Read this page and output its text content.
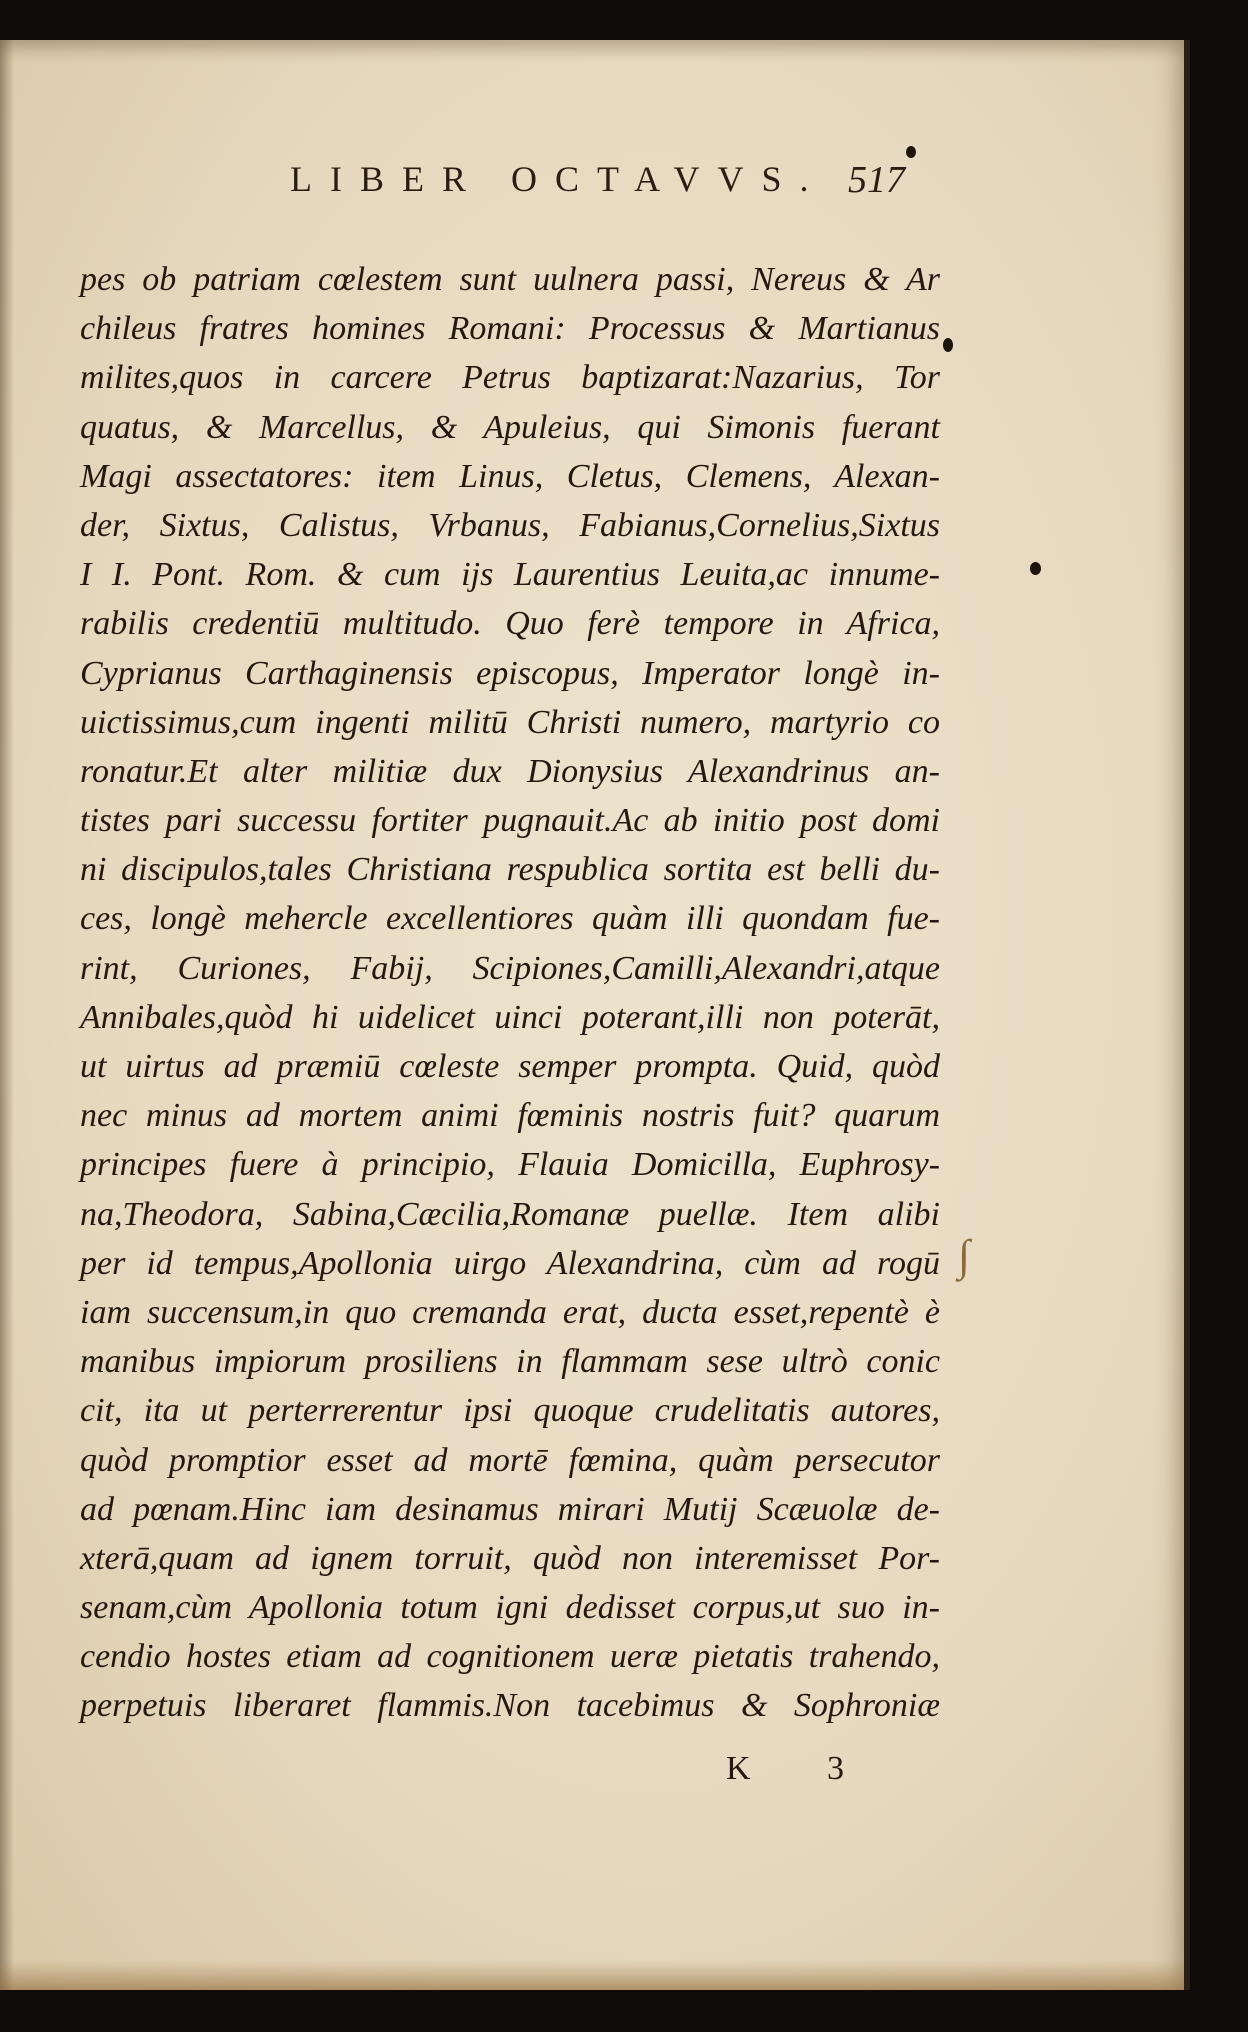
LIBER OCTAVVS. 517
pes ob patriam cœlestem sunt uulnera passi, Nereus & Ar
chileus fratres homines Romani: Processus & Martianus
milites,quos in carcere Petrus baptizarat:Nazarius, Tor
quatus, & Marcellus, & Apuleius, qui Simonis fuerant
Magi assectatores: item Linus, Cletus, Clemens, Alexan-
der, Sixtus, Calistus, Vrbanus, Fabianus,Cornelius,Sixtus
I I. Pont. Rom. & cum ijs Laurentius Leuita,ac innume-
rabilis credentiū multitudo. Quo ferè tempore in Africa,
Cyprianus Carthaginensis episcopus, Imperator longè in-
uictissimus,cum ingenti militū Christi numero, martyrio co
ronatur.Et alter militiæ dux Dionysius Alexandrinus an-
tistes pari successu fortiter pugnauit.Ac ab initio post domi
ni discipulos,tales Christiana respublica sortita est belli du-
ces, longè mehercle excellentiores quàm illi quondam fue-
rint, Curiones, Fabij, Scipiones,Camilli,Alexandri,atque
Annibales,quòd hi uidelicet uinci poterant,illi non poterāt,
ut uirtus ad præmiū cœleste semper prompta. Quid, quòd
nec minus ad mortem animi fœminis nostris fuit? quarum
principes fuere à principio, Flauia Domicilla, Euphrosy-
na,Theodora, Sabina,Cæcilia,Romanæ puellæ. Item alibi
per id tempus,Apollonia uirgo Alexandrina, cùm ad rogū
iam succensum,in quo cremanda erat, ducta esset,repentè è
manibus impiorum prosiliens in flammam sese ultrò conic
cit, ita ut perterrerentur ipsi quoque crudelitatis autores,
quòd promptior esset ad mortē fœmina, quàm persecutor
ad pœnam.Hinc iam desinamus mirari Mutij Scæuolæ de-
xterā,quam ad ignem torruit, quòd non interemisset Por-
senam,cùm Apollonia totum igni dedisset corpus,ut suo in-
cendio hostes etiam ad cognitionem ueræ pietatis trahendo,
perpetuis liberaret flammis.Non tacebimus & Sophroniæ
K 3
∫
